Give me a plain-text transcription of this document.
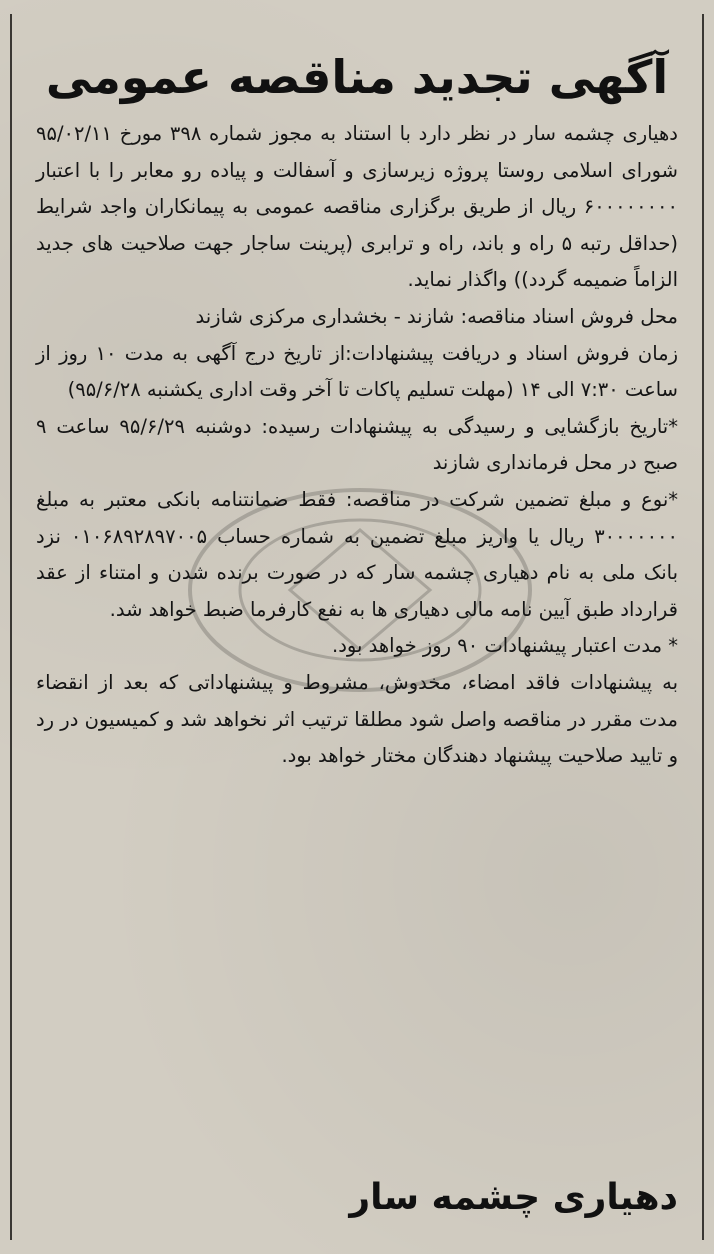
آگهی تجدید مناقصه عمومی

دهیاری چشمه سار در نظر دارد با استناد به مجوز شماره ۳۹۸ مورخ ۹۵/۰۲/۱۱ شورای اسلامی روستا پروژه زیرسازی و آسفالت و پیاده رو معابر را با اعتبار ۶۰۰۰۰۰۰۰۰ ریال از طریق برگزاری مناقصه عمومی به پیمانکاران واجد شرایط (حداقل رتبه ۵ راه و باند، راه و ترابری (پرینت ساجار جهت صلاحیت های جدید الزاماً ضمیمه گردد)) واگذار نماید.

محل فروش اسناد مناقصه: شازند - بخشداری مرکزی شازند

زمان فروش اسناد و دریافت پیشنهادات:از تاریخ درج آگهی به مدت ۱۰ روز از ساعت ۷:۳۰ الی ۱۴ (مهلت تسلیم پاکات تا آخر وقت اداری یکشنبه ۹۵/۶/۲۸)

*تاریخ بازگشایی و رسیدگی به پیشنهادات رسیده: دوشنبه ۹۵/۶/۲۹ ساعت ۹ صبح در محل فرمانداری شازند

*نوع و مبلغ تضمین شرکت در مناقصه: فقط ضمانتنامه بانکی معتبر به مبلغ ۳۰۰۰۰۰۰۰ ریال یا واریز مبلغ تضمین به شماره حساب ۰۱۰۶۸۹۲۸۹۷۰۰۵ نزد بانک ملی به نام دهیاری چشمه سار که در صورت برنده شدن و امتناء از عقد قرارداد طبق آیین نامه مالی دهیاری ها به نفع کارفرما ضبط خواهد شد.

* مدت اعتبار پیشنهادات ۹۰ روز خواهد بود.

به پیشنهادات فاقد امضاء، مخدوش، مشروط و پیشنهاداتی که بعد از انقضاء مدت مقرر در مناقصه واصل شود مطلقا ترتیب اثر نخواهد شد و کمیسیون در رد و تایید صلاحیت پیشنهاد دهندگان مختار خواهد بود.

دهیاری چشمه سار
